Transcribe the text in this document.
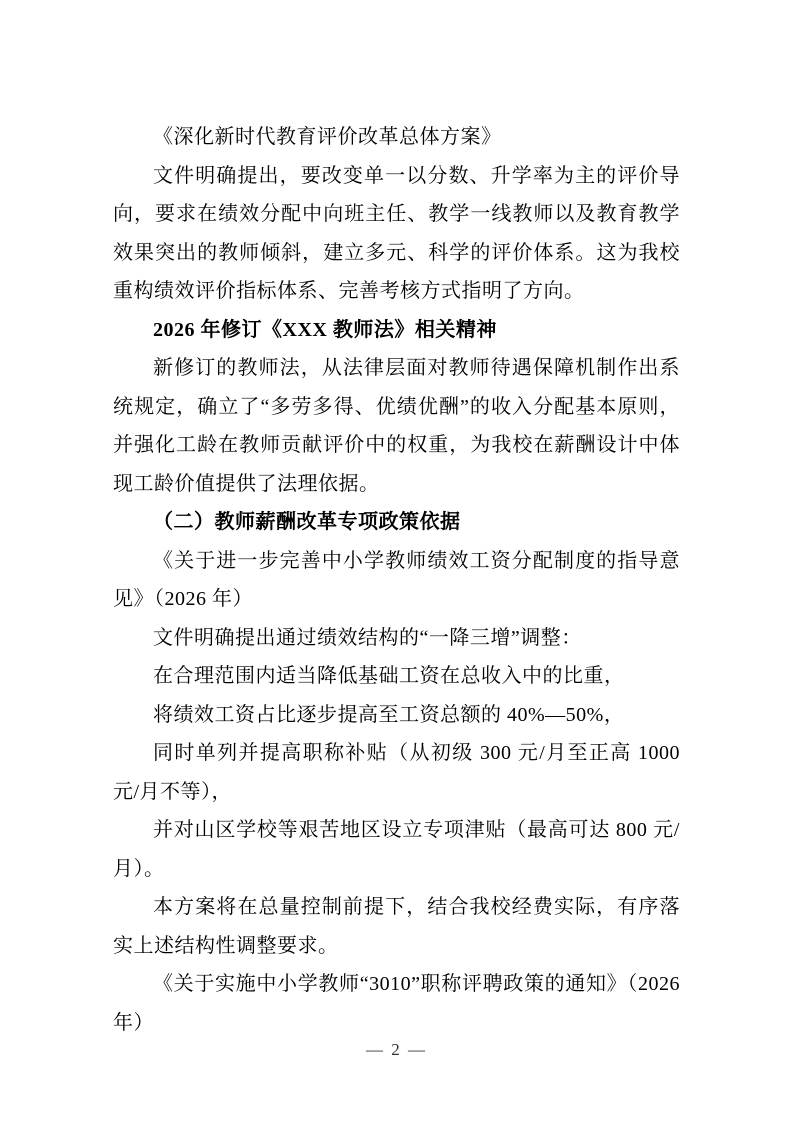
《深化新时代教育评价改革总体方案》

文件明确提出，要改变单一以分数、升学率为主的评价导向，要求在绩效分配中向班主任、教学一线教师以及教育教学效果突出的教师倾斜，建立多元、科学的评价体系。这为我校重构绩效评价指标体系、完善考核方式指明了方向。

2026 年修订《XXX 教师法》相关精神

新修订的教师法，从法律层面对教师待遇保障机制作出系统规定，确立了“多劳多得、优绩优酬”的收入分配基本原则，并强化工龄在教师贡献评价中的权重，为我校在薪酬设计中体现工龄价值提供了法理依据。

（二）教师薪酬改革专项政策依据

《关于进一步完善中小学教师绩效工资分配制度的指导意见》（2026 年）

文件明确提出通过绩效结构的“一降三增”调整：

在合理范围内适当降低基础工资在总收入中的比重，

将绩效工资占比逐步提高至工资总额的 40%—50%，

同时单列并提高职称补贴（从初级 300 元/月至正高 1000 元/月不等），

并对山区学校等艰苦地区设立专项津贴（最高可达 800 元/月）。

本方案将在总量控制前提下，结合我校经费实际，有序落实上述结构性调整要求。

《关于实施中小学教师“3010”职称评聘政策的通知》（2026 年）

— 2 —
